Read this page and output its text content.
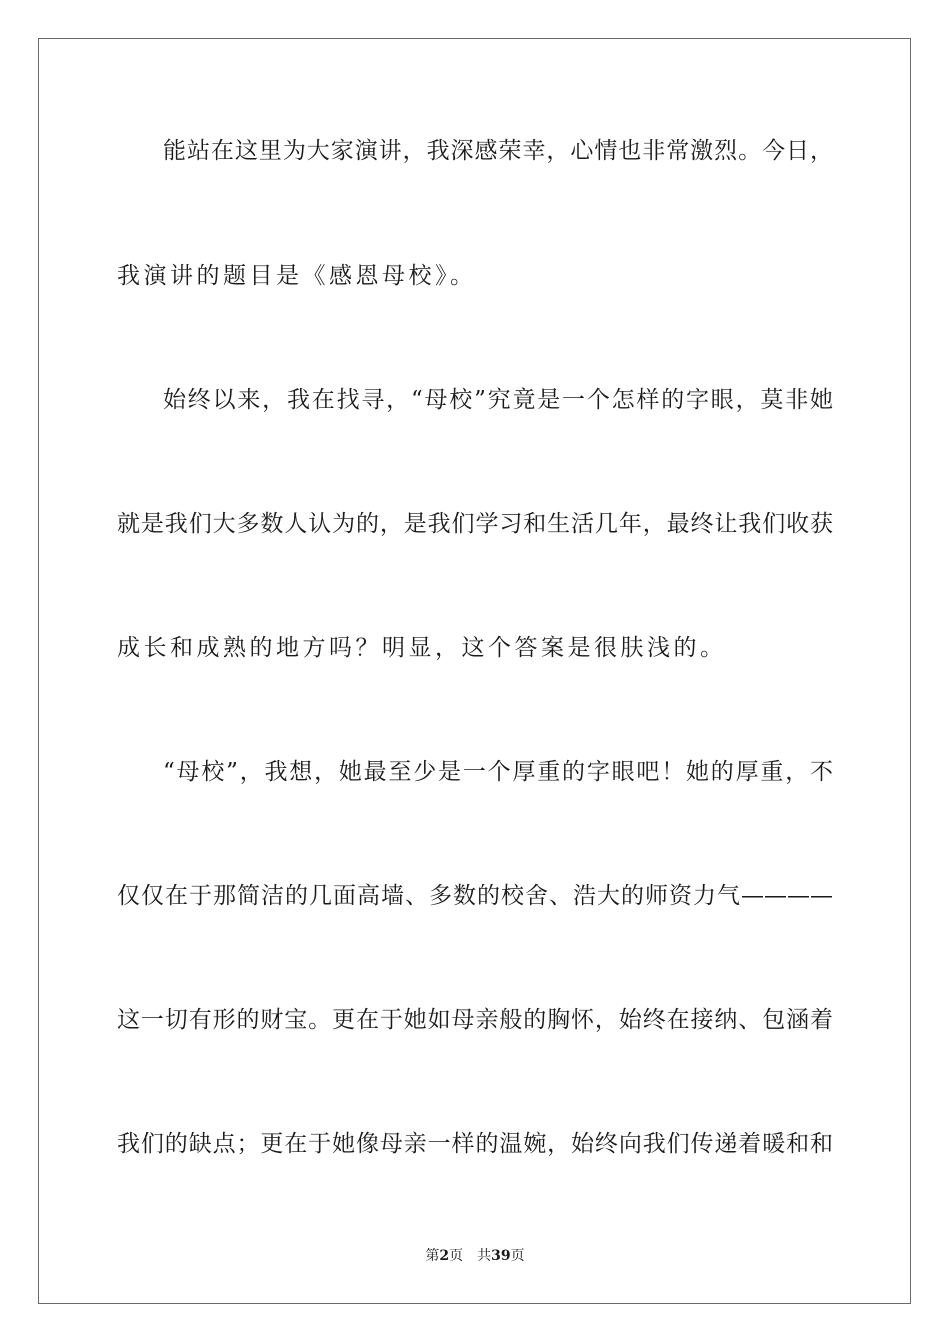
能站在这里为大家演讲，我深感荣幸，心情也非常激烈。今日，
我演讲的题目是《感恩母校》。
始终以来，我在找寻，“母校”究竟是一个怎样的字眼，莫非她
就是我们大多数人认为的，是我们学习和生活几年，最终让我们收获
成长和成熟的地方吗？明显，这个答案是很肤浅的。
“母校”，我想，她最至少是一个厚重的字眼吧！她的厚重，不
仅仅在于那简洁的几面高墙、多数的校舍、浩大的师资力气————
这一切有形的财宝。更在于她如母亲般的胸怀，始终在接纳、包涵着
我们的缺点；更在于她像母亲一样的温婉，始终向我们传递着暖和和
第2页 共39页
